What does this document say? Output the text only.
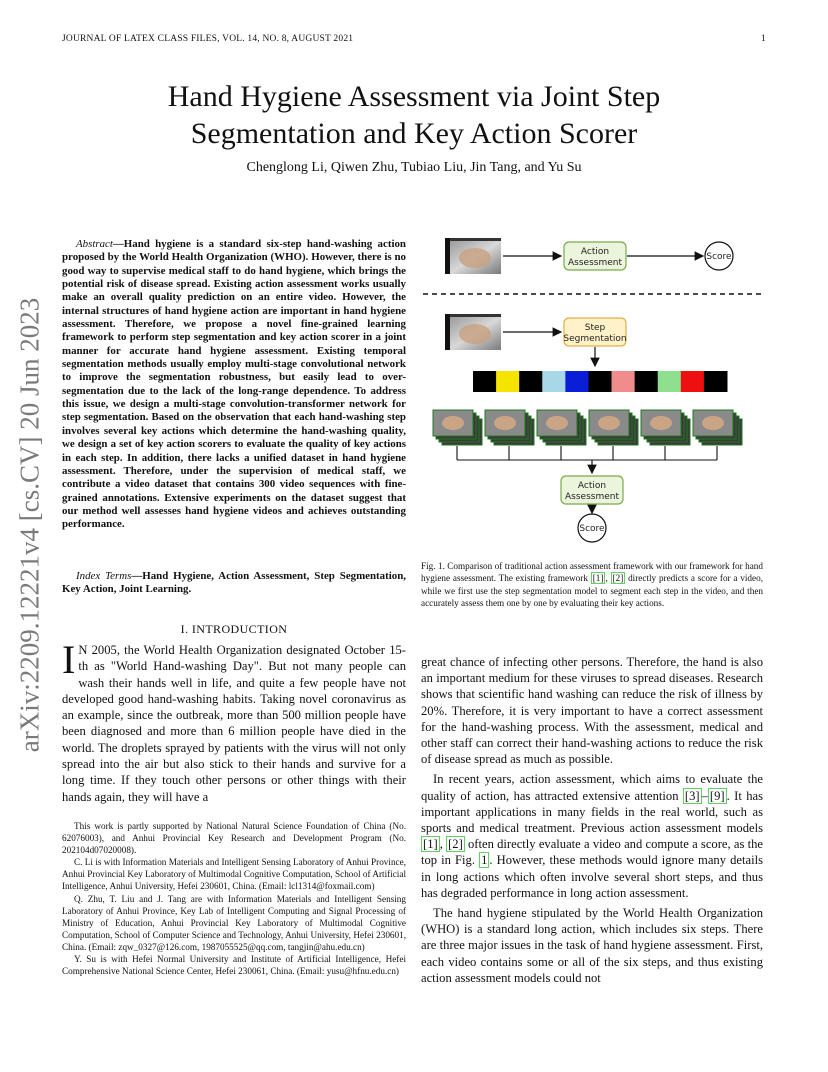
JOURNAL OF LATEX CLASS FILES, VOL. 14, NO. 8, AUGUST 2021	1
arXiv:2209.12221v4 [cs.CV] 20 Jun 2023
Hand Hygiene Assessment via Joint Step
Segmentation and Key Action Scorer
Chenglong Li, Qiwen Zhu, Tubiao Liu, Jin Tang, and Yu Su
Abstract—Hand hygiene is a standard six-step hand-washing action proposed by the World Health Organization (WHO). However, there is no good way to supervise medical staff to do hand hygiene, which brings the potential risk of disease spread. Existing action assessment works usually make an overall quality prediction on an entire video. However, the internal structures of hand hygiene action are important in hand hygiene assessment. Therefore, we propose a novel fine-grained learning framework to perform step segmentation and key action scorer in a joint manner for accurate hand hygiene assessment. Existing temporal segmentation methods usually employ multi-stage convolutional network to improve the segmentation robustness, but easily lead to over-segmentation due to the lack of the long-range dependence. To address this issue, we design a multi-stage convolution-transformer network for step segmentation. Based on the observation that each hand-washing step involves several key actions which determine the hand-washing quality, we design a set of key action scorers to evaluate the quality of key actions in each step. In addition, there lacks a unified dataset in hand hygiene assessment. Therefore, under the supervision of medical staff, we contribute a video dataset that contains 300 video sequences with fine-grained annotations. Extensive experiments on the dataset suggest that our method well assesses hand hygiene videos and achieves outstanding performance.
Index Terms—Hand Hygiene, Action Assessment, Step Segmentation, Key Action, Joint Learning.
I. INTRODUCTION
I N 2005, the World Health Organization designated October 15-th as "World Hand-washing Day". But not many people can wash their hands well in life, and quite a few people have not developed good hand-washing habits. Taking novel coronavirus as an example, since the outbreak, more than 500 million people have been diagnosed and more than 6 million people have died in the world. The droplets sprayed by patients with the virus will not only spread into the air but also stick to their hands and survive for a long time. If they touch other persons or other things with their hands again, they will have a

This work is partly supported by National Natural Science Foundation of China (No. 62076003), and Anhui Provincial Key Research and Development Program (No. 202104d07020008).

C. Li is with Information Materials and Intelligent Sensing Laboratory of Anhui Province, Anhui Provincial Key Laboratory of Multimodal Cognitive Computation, School of Artificial Intelligence, Anhui University, Hefei 230601, China. (Email: lcl1314@foxmail.com)

Q. Zhu, T. Liu and J. Tang are with Information Materials and Intelligent Sensing Laboratory of Anhui Province, Key Lab of Intelligent Computing and Signal Processing of Ministry of Education, Anhui Provincial Key Laboratory of Multimodal Cognitive Computation, School of Computer Science and Technology, Anhui University, Hefei 230601, China. (Email: zqw_0327@126.com, 1987055525@qq.com, tangjin@ahu.edu.cn)

Y. Su is with Hefei Normal University and Institute of Artificial Intelligence, Hefei Comprehensive National Science Center, Hefei 230061, China. (Email: yusu@hfnu.edu.cn)

Action
Assessment
Score
Step
Segmentation
Action
Assessment
Score
Fig. 1. Comparison of traditional action assessment framework with our framework for hand hygiene assessment. The existing framework [1] , [2] directly predicts a score for a video, while we first use the step segmentation model to segment each step in the video, and then accurately assess them one by one by evaluating their key actions.

great chance of infecting other persons. Therefore, the hand is also an important medium for these viruses to spread diseases. Research shows that scientific hand washing can reduce the risk of illness by 20%. Therefore, it is very important to have a correct assessment for the hand-washing process. With the assessment, medical and other staff can correct their hand-washing actions to reduce the risk of disease spread as much as possible.

In recent years, action assessment, which aims to evaluate the quality of action, has attracted extensive attention [3] – [9] . It has important applications in many fields in the real world, such as sports and medical treatment. Previous action assessment models [1] , [2] often directly evaluate a video and compute a score, as the top in Fig. 1 . However, these methods would ignore many details in long actions which often involve several short steps, and thus has degraded performance in long action assessment.

The hand hygiene stipulated by the World Health Organization (WHO) is a standard long action, which includes six steps. There are three major issues in the task of hand hygiene assessment. First, each video contains some or all of the six steps, and thus existing action assessment models could not
